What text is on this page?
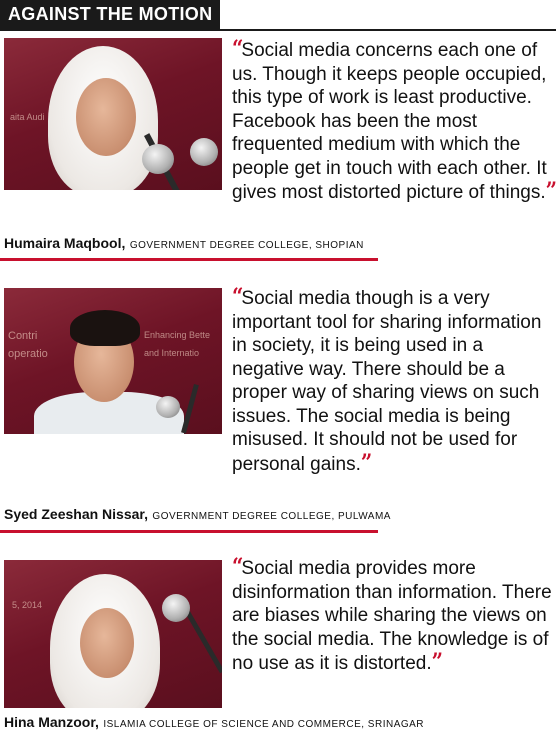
AGAINST THE MOTION
aita Audi
“Social media concerns each one of us. Though it keeps people occupied, this type of work is least productive. Facebook has been the most frequented medium with which the people get in touch with each other. It gives most distorted picture of things.”
Humaira Maqbool, GOVERNMENT DEGREE COLLEGE, SHOPIAN
Contri
operatio
Enhancing Bette
and Internatio
“Social media though is a very important tool for sharing information in society, it is being used in a negative way. There should be a proper way of sharing views on such issues. The social media is being misused. It should not be used for personal gains.”
Syed Zeeshan Nissar, GOVERNMENT DEGREE COLLEGE, PULWAMA
5, 2014
“Social media provides more disinformation than information. There are biases while sharing the views on the social media. The knowledge is of no use as it is distorted.”
Hina Manzoor, ISLAMIA COLLEGE OF SCIENCE AND COMMERCE, SRINAGAR
